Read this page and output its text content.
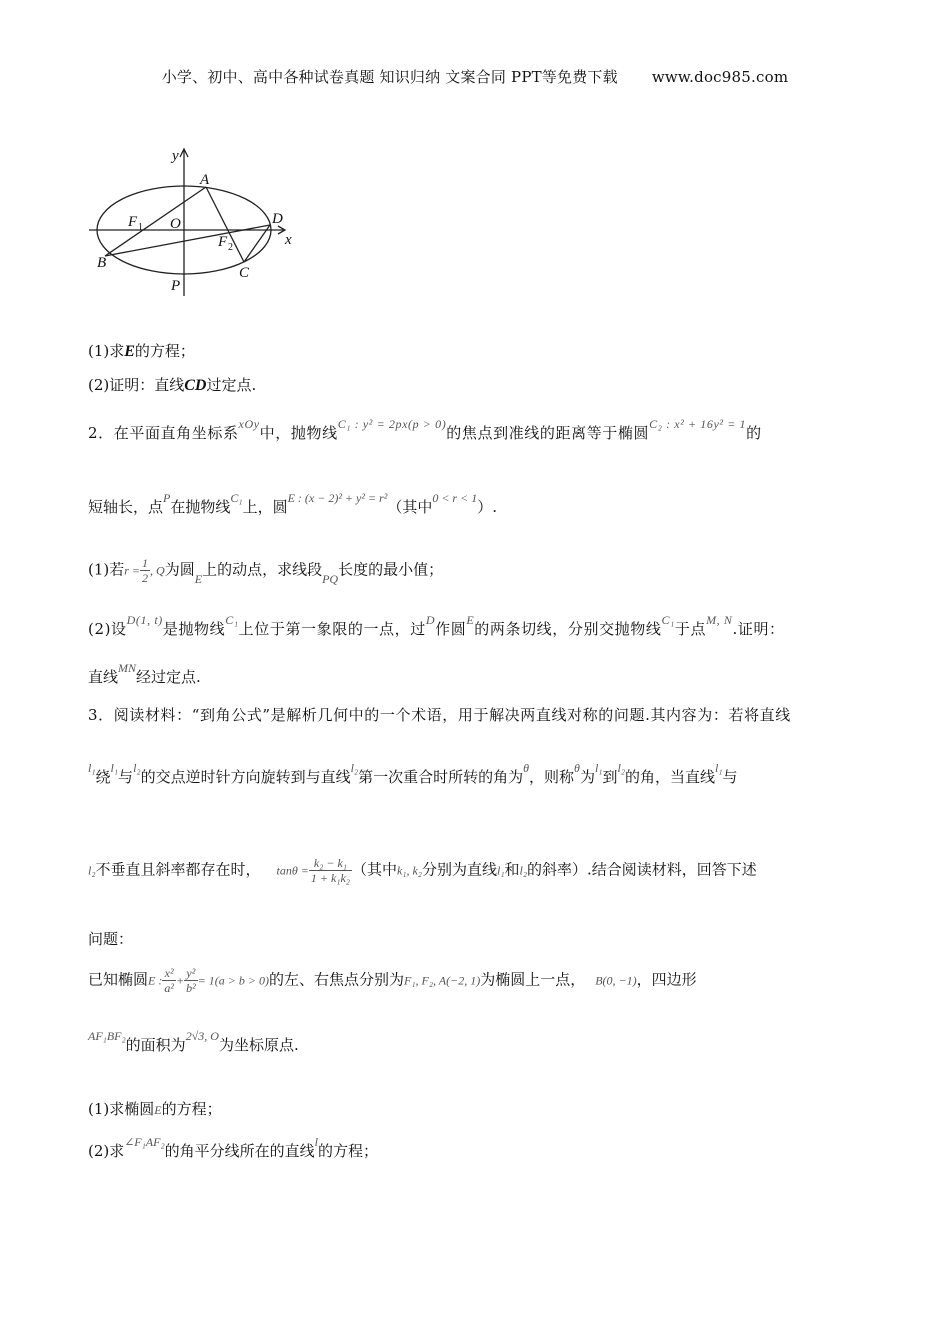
小学、初中、高中各种试卷真题 知识归纳 文案合同 PPT等免费下载 www.doc985.com
y
x
A
F 1 O	D
F 2
B
C
P
(1)求E的方程；
(2)证明：直线CD过定点.
2．在平面直角坐标系$^{xOy}$中，抛物线$^{C_1 : y^2 = 2px(p > 0)}$的焦点到准线的距离等于椭圆$^{C_2 : x^2 + 16y^2 = 1}$的
短轴长，点$^P$在抛物线$^{C_1}$上，圆$^{E : (x - 2)^2 + y^2 = r^2}$（其中$^{0 < r < 1}$）.
(1)若$r = \frac{1}{2}$ , Q为圆$_E$上的动点，求线段$_{PQ}$长度的最小值；
(2)设$^{D(1, t)}$是抛物线$^{C_1}$上位于第一象限的一点，过$^D$作圆$^E$的两条切线，分别交抛物线$^{C_1}$于点$^{M, N}$.证明：
直线$^{MN}$经过定点.
3．阅读材料：“到角公式”是解析几何中的一个术语，用于解决两直线对称的问题.其内容为：若将直线
$^{l_1}$绕$^{l_1}$与$^{l_2}$的交点逆时针方向旋转到与直线$^{l_2}$第一次重合时所转的角为$^\theta$，则称$^\theta$为$^{l_1}$到$^{l_2}$的角，当直线$^{l_1}$与
l₂不垂直且斜率都存在时， $\tan\theta = \frac{\text{k₂ − k₁}}{\text{1 + k₁k₂}}$ （其中k₁, k₂分别为直线l₁和l₂的斜率）.结合阅读材料，回答下述
问题：
已知椭圆E : $\frac{\text{x²}}{\text{a²}} + \frac{\text{y²}}{\text{b²}} = 1(a > b > 0)$的左、右焦点分别为F₁, F₂, A(−2, 1)为椭圆上一点， B(0, −1)，四边形
$^{AF_1BF_2}$的面积为$^{2√3, O}$为坐标原点.
(1)求椭圆E的方程；
(2)求$^{\angle F_1AF_2}$的角平分线所在的直线$^l$的方程；
